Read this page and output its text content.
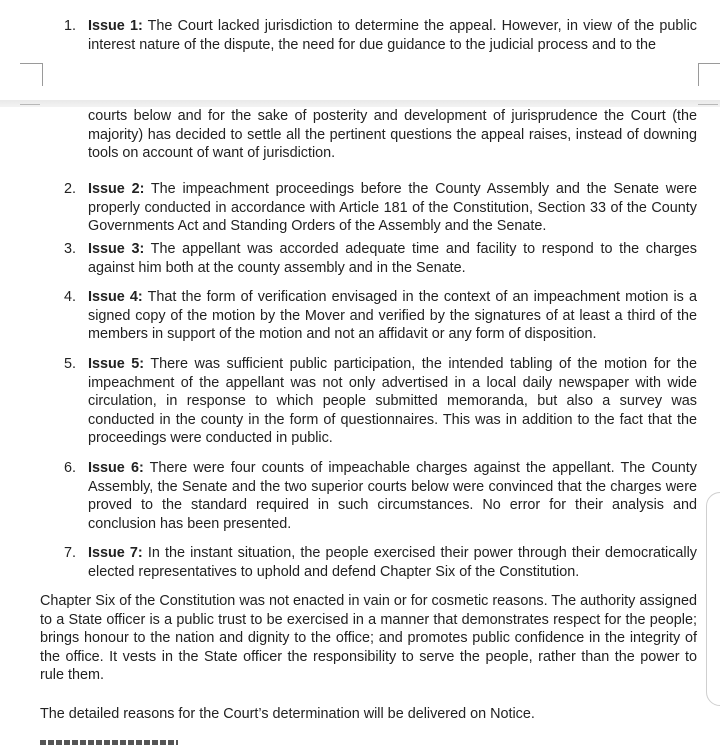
1. Issue 1: The Court lacked jurisdiction to determine the appeal. However, in view of the public interest nature of the dispute, the need for due guidance to the judicial process and to the
2. Issue 2: The impeachment proceedings before the County Assembly and the Senate were properly conducted in accordance with Article 181 of the Constitution, Section 33 of the County Governments Act and Standing Orders of the Assembly and the Senate.
3. Issue 3: The appellant was accorded adequate time and facility to respond to the charges against him both at the county assembly and in the Senate.
4. Issue 4: That the form of verification envisaged in the context of an impeachment motion is a signed copy of the motion by the Mover and verified by the signatures of at least a third of the members in support of the motion and not an affidavit or any form of disposition.
5. Issue 5: There was sufficient public participation, the intended tabling of the motion for the impeachment of the appellant was not only advertised in a local daily newspaper with wide circulation, in response to which people submitted memoranda, but also a survey was conducted in the county in the form of questionnaires. This was in addition to the fact that the proceedings were conducted in public.
6. Issue 6: There were four counts of impeachable charges against the appellant. The County Assembly, the Senate and the two superior courts below were convinced that the charges were proved to the standard required in such circumstances. No error for their analysis and conclusion has been presented.
7. Issue 7: In the instant situation, the people exercised their power through their democratically elected representatives to uphold and defend Chapter Six of the Constitution.
courts below and for the sake of posterity and development of jurisprudence the Court (the majority) has decided to settle all the pertinent questions the appeal raises, instead of downing tools on account of want of jurisdiction.

Chapter Six of the Constitution was not enacted in vain or for cosmetic reasons. The authority assigned to a State officer is a public trust to be exercised in a manner that demonstrates respect for the people; brings honour to the nation and dignity to the office; and promotes public confidence in the integrity of the office. It vests in the State officer the responsibility to serve the people, rather than the power to rule them.

The detailed reasons for the Court’s determination will be delivered on Notice.
